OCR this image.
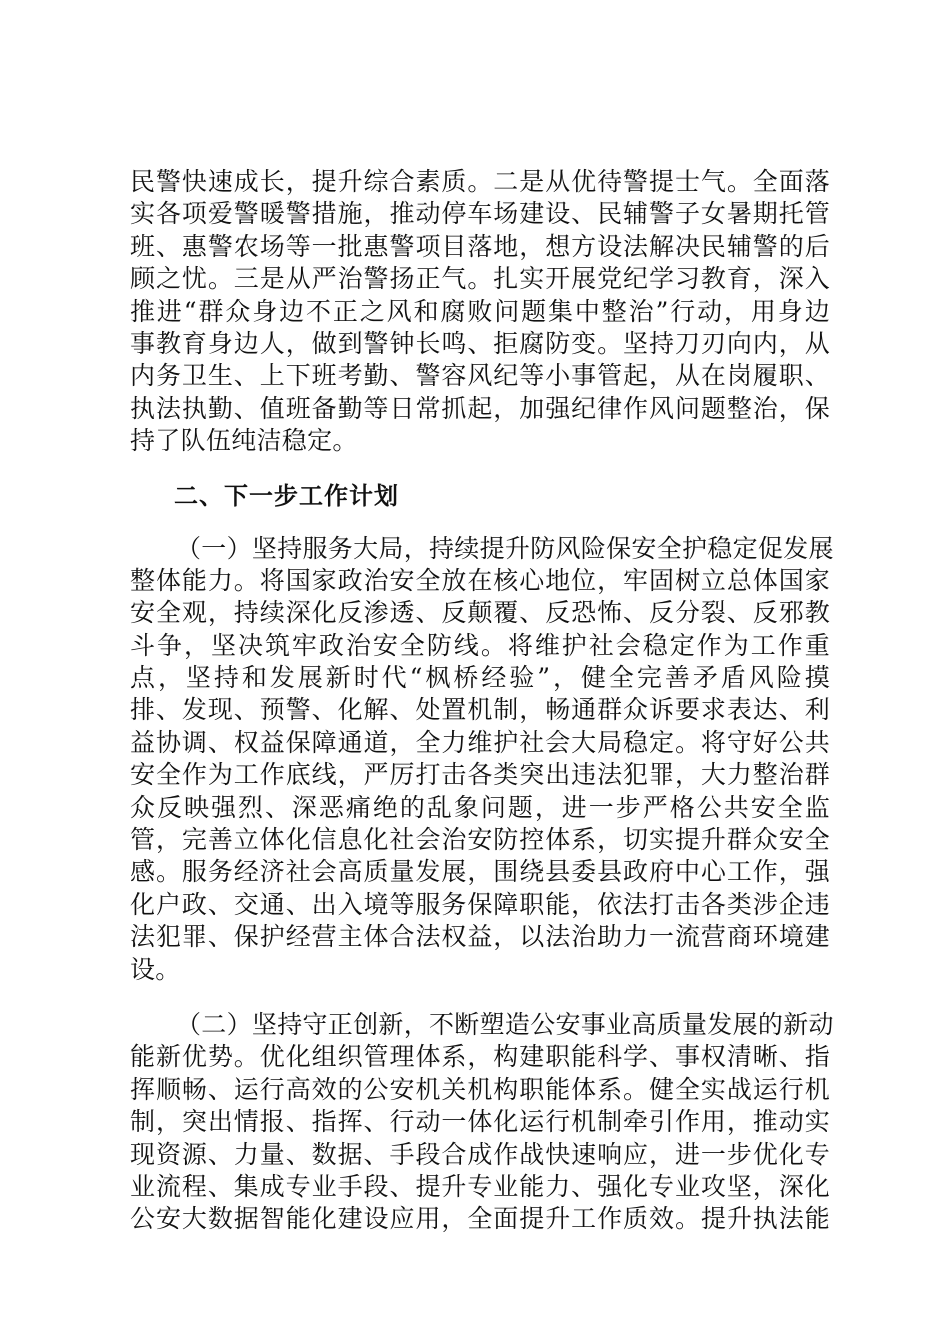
民警快速成长，提升综合素质。二是从优待警提士气。全面落
实各项爱警暖警措施，推动停车场建设、民辅警子女暑期托管
班、惠警农场等一批惠警项目落地，想方设法解决民辅警的后
顾之忧。三是从严治警扬正气。扎实开展党纪学习教育，深入
推进“群众身边不正之风和腐败问题集中整治”行动，用身边
事教育身边人，做到警钟长鸣、拒腐防变。坚持刀刃向内，从
内务卫生、上下班考勤、警容风纪等小事管起，从在岗履职、
执法执勤、值班备勤等日常抓起，加强纪律作风问题整治，保
持了队伍纯洁稳定。
二、下一步工作计划
（一）坚持服务大局，持续提升防风险保安全护稳定促发展
整体能力。将国家政治安全放在核心地位，牢固树立总体国家
安全观，持续深化反渗透、反颠覆、反恐怖、反分裂、反邪教
斗争，坚决筑牢政治安全防线。将维护社会稳定作为工作重
点，坚持和发展新时代“枫桥经验”，健全完善矛盾风险摸
排、发现、预警、化解、处置机制，畅通群众诉要求表达、利
益协调、权益保障通道，全力维护社会大局稳定。将守好公共
安全作为工作底线，严厉打击各类突出违法犯罪，大力整治群
众反映强烈、深恶痛绝的乱象问题，进一步严格公共安全监
管，完善立体化信息化社会治安防控体系，切实提升群众安全
感。服务经济社会高质量发展，围绕县委县政府中心工作，强
化户政、交通、出入境等服务保障职能，依法打击各类涉企违
法犯罪、保护经营主体合法权益，以法治助力一流营商环境建
设。
（二）坚持守正创新，不断塑造公安事业高质量发展的新动
能新优势。优化组织管理体系，构建职能科学、事权清晰、指
挥顺畅、运行高效的公安机关机构职能体系。健全实战运行机
制，突出情报、指挥、行动一体化运行机制牵引作用，推动实
现资源、力量、数据、手段合成作战快速响应，进一步优化专
业流程、集成专业手段、提升专业能力、强化专业攻坚，深化
公安大数据智能化建设应用，全面提升工作质效。提升执法能
